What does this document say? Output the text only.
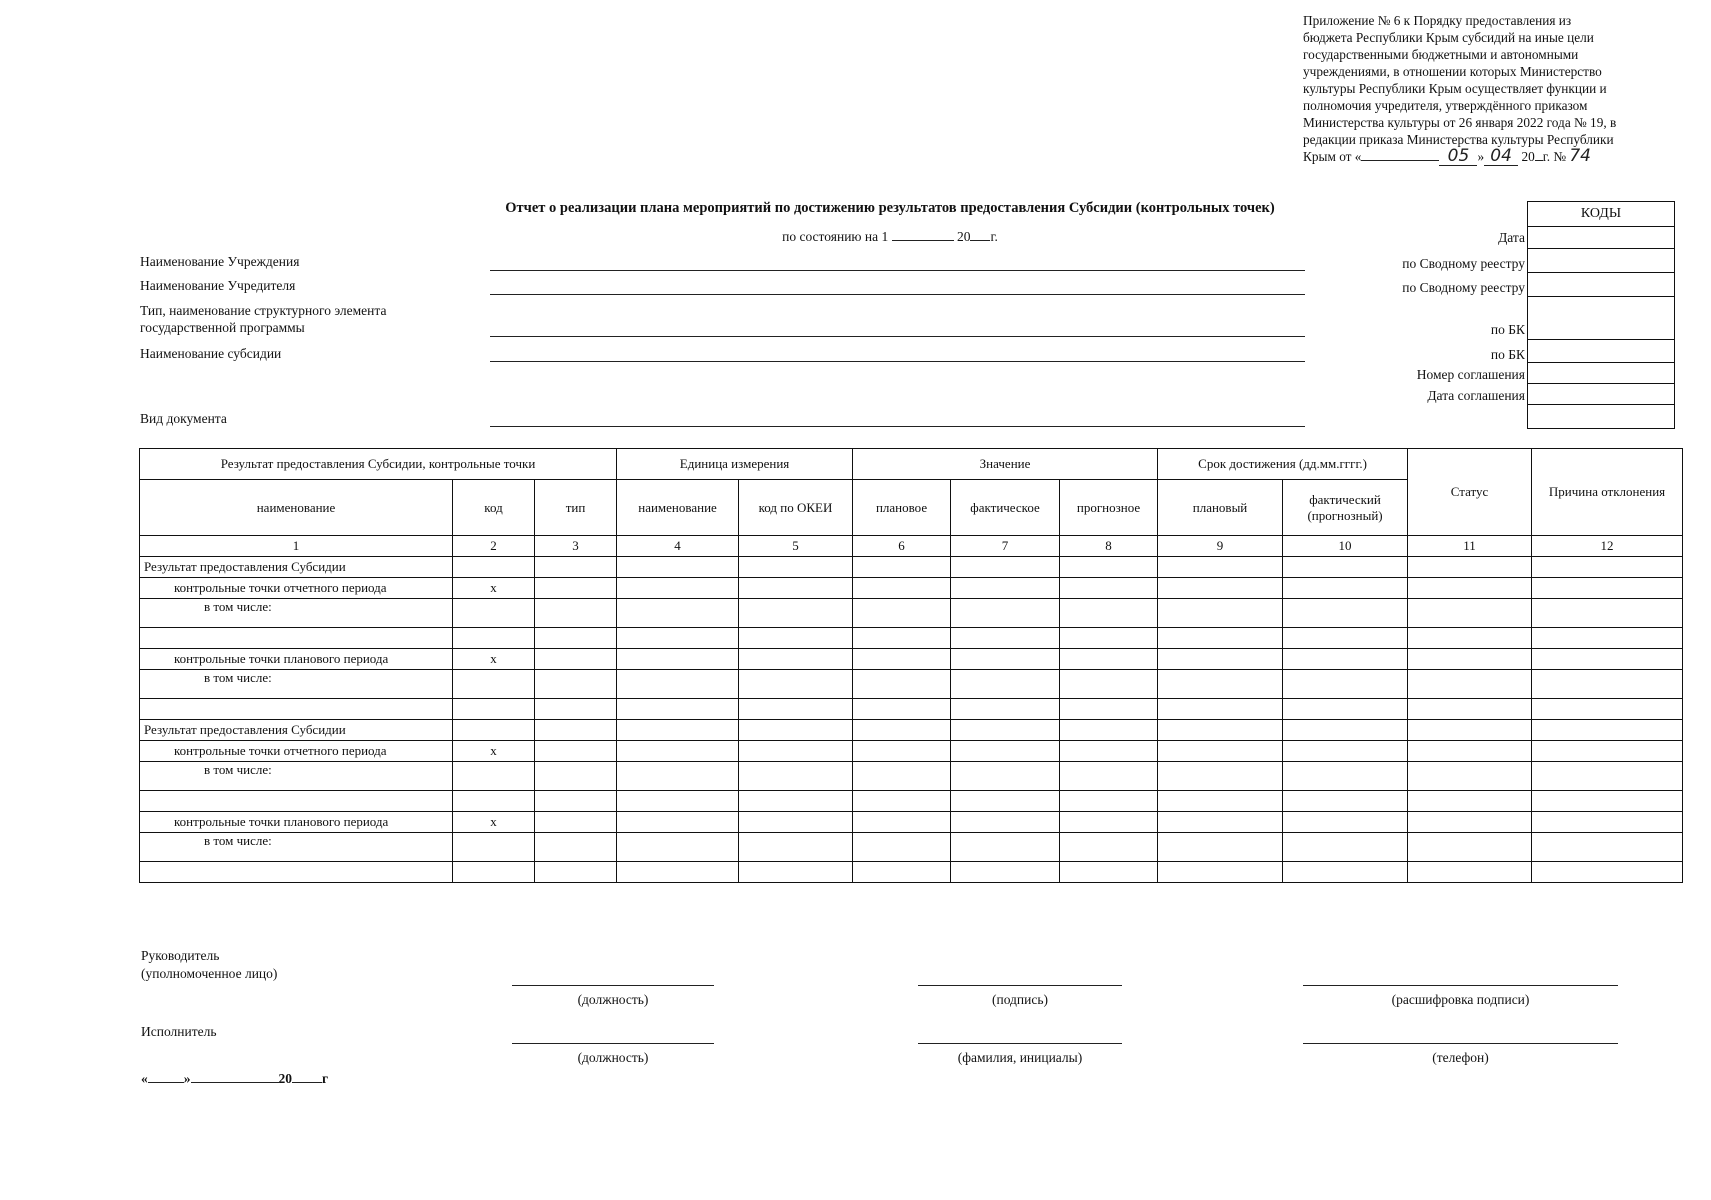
Приложение № 6 к Порядку предоставления из
бюджета Республики Крым субсидий на иные цели
государственными бюджетными и автономными
учреждениями, в отношении которых Министерство
культуры Республики Крым осуществляет функции и
полномочия учредителя, утверждённого приказом
Министерства культуры от 26 января 2022 года № 19, в
редакции приказа Министерства культуры Республики
Крым от «	05 » 04 20 г. № 74
Отчет о реализации плана мероприятий по достижению результатов предоставления Субсидии (контрольных точек)
по состоянию на 1	20 г.
Наименование Учреждения
Наименование Учредителя
Тип, наименование структурного элемента
государственной программы
Наименование субсидии
Вид документа
Дата
по Сводному реестру
по Сводному реестру
по БК
по БК
Номер соглашения
Дата соглашения
КОДЫ
Результат предоставления Субсидии, контрольные точки			Единица измерения		Значение			Срок достижения (дд.мм.гггг.)		Статус	Причина отклонения
наименование	код	тип	наименование	код по ОКЕИ	плановое	фактическое	прогнозное	плановый	фактический
(прогнозный)		
1	2	3	4	5	6	7	8	9	10	11	12
Результат предоставления Субсидии											
контрольные точки отчетного периода	х										
в том числе:											

контрольные точки планового периода	х										
в том числе:											

Результат предоставления Субсидии											
контрольные точки отчетного периода	х										
в том числе:											

контрольные точки планового периода	х										
в том числе:											

Руководитель
(уполномоченное лицо)
(должность)	(подпись)	(расшифровка подписи)
Исполнитель
(должность)	(фамилия, инициалы)	(телефон)
«	»	20 г
